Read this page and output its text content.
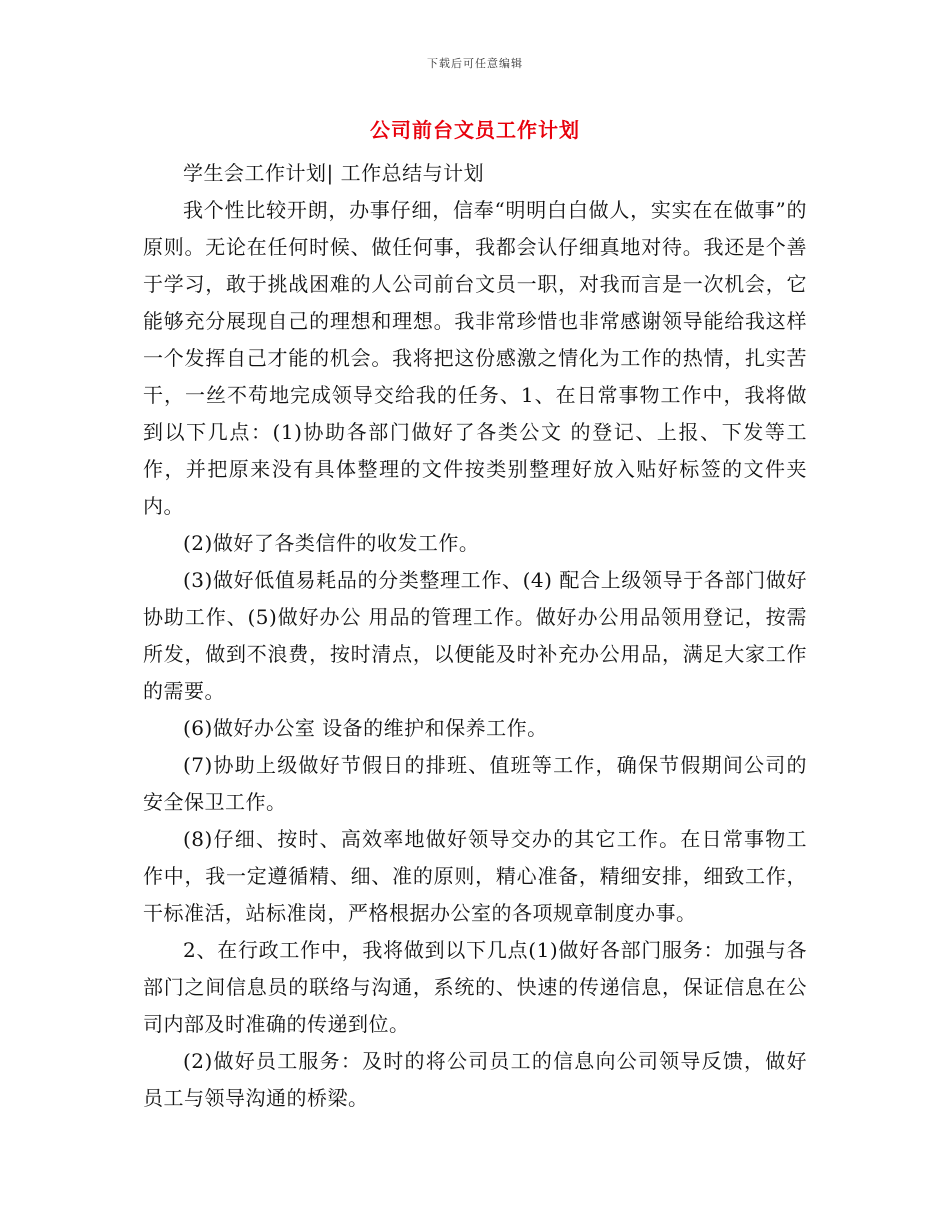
下载后可任意编辑
公司前台文员工作计划

学生会工作计划| 工作总结与计划

我个性比较开朗，办事仔细，信奉“明明白白做人，实实在在做事”的原则。无论在任何时候、做任何事，我都会认仔细真地对待。我还是个善于学习，敢于挑战困难的人公司前台文员一职，对我而言是一次机会，它能够充分展现自己的理想和理想。我非常珍惜也非常感谢领导能给我这样一个发挥自己才能的机会。我将把这份感激之情化为工作的热情，扎实苦干，一丝不苟地完成领导交给我的任务、1、在日常事物工作中，我将做到以下几点：(1)协助各部门做好了各类公文 的登记、上报、下发等工作，并把原来没有具体整理的文件按类别整理好放入贴好标签的文件夹内。

(2)做好了各类信件的收发工作。

(3)做好低值易耗品的分类整理工作、(4) 配合上级领导于各部门做好协助工作、(5)做好办公 用品的管理工作。做好办公用品领用登记，按需所发，做到不浪费，按时清点，以便能及时补充办公用品，满足大家工作的需要。

(6)做好办公室 设备的维护和保养工作。

(7)协助上级做好节假日的排班、值班等工作，确保节假期间公司的安全保卫工作。

(8)仔细、按时、高效率地做好领导交办的其它工作。在日常事物工作中，我一定遵循精、细、准的原则，精心准备，精细安排，细致工作，干标准活，站标准岗，严格根据办公室的各项规章制度办事。

2、在行政工作中，我将做到以下几点(1)做好各部门服务：加强与各部门之间信息员的联络与沟通，系统的、快速的传递信息，保证信息在公司内部及时准确的传递到位。

(2)做好员工服务：及时的将公司员工的信息向公司领导反馈，做好员工与领导沟通的桥梁。
